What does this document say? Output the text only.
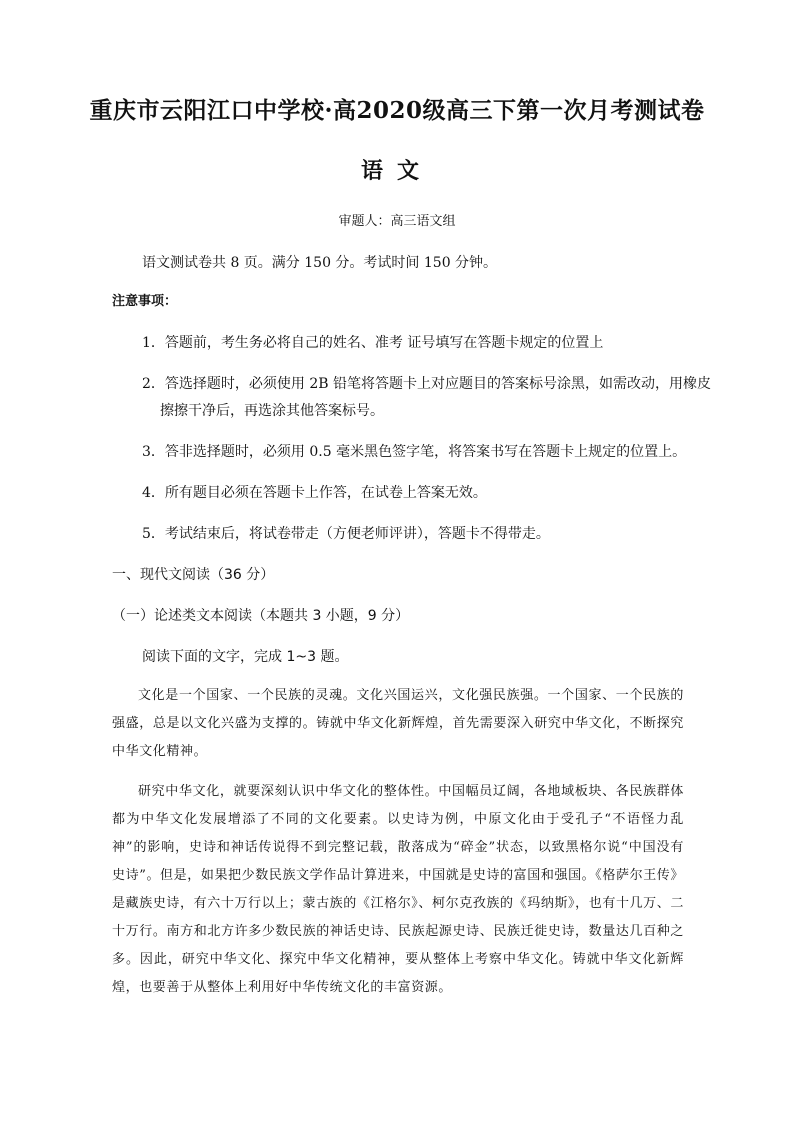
重庆市云阳江口中学校·高2020级高三下第一次月考测试卷
语文
审题人：高三语文组
语文测试卷共 8 页。满分 150 分。考试时间 150 分钟。
注意事项：
1．答题前，考生务必将自己的姓名、准考 证号填写在答题卡规定的位置上
2．答选择题时，必须使用 2B 铅笔将答题卡上对应题目的答案标号涂黑，如需改动，用橡皮
擦擦干净后，再选涂其他答案标号。
3．答非选择题时，必须用 0.5 毫米黑色签字笔，将答案书写在答题卡上规定的位置上。
4．所有题目必须在答题卡上作答，在试卷上答案无效。
5．考试结束后，将试卷带走（方便老师评讲），答题卡不得带走。
一、现代文阅读（36 分）
（一）论述类文本阅读（本题共 3 小题，9 分）
阅读下面的文字，完成 1~3 题。
文化是一个国家、一个民族的灵魂。文化兴国运兴，文化强民族强。一个国家、一个民族的强盛，总是以文化兴盛为支撑的。铸就中华文化新辉煌，首先需要深入研究中华文化，不断探究中华文化精神。
研究中华文化，就要深刻认识中华文化的整体性。中国幅员辽阔，各地域板块、各民族群体都为中华文化发展增添了不同的文化要素。以史诗为例，中原文化由于受孔子“不语怪力乱神”的影响，史诗和神话传说得不到完整记载，散落成为“碎金”状态，以致黑格尔说“中国没有史诗”。但是，如果把少数民族文学作品计算进来，中国就是史诗的富国和强国。《格萨尔王传》是藏族史诗，有六十万行以上；蒙古族的《江格尔》、柯尔克孜族的《玛纳斯》，也有十几万、二十万行。南方和北方许多少数民族的神话史诗、民族起源史诗、民族迁徙史诗，数量达几百种之多。因此，研究中华文化、探究中华文化精神，要从整体上考察中华文化。铸就中华文化新辉煌，也要善于从整体上利用好中华传统文化的丰富资源。
